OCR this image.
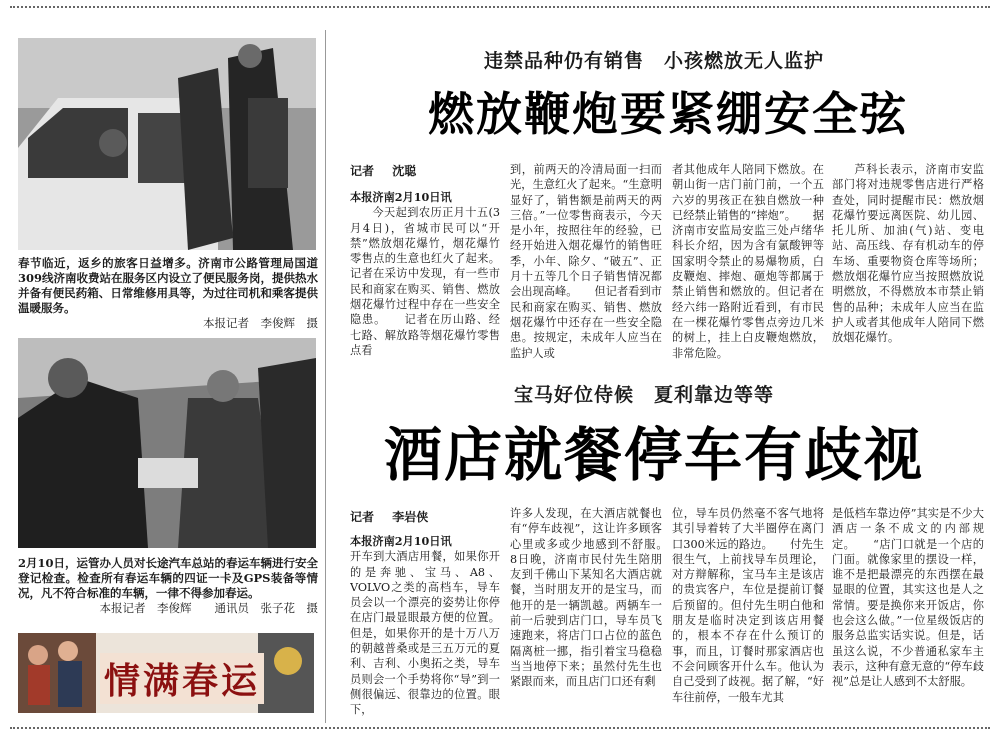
春节临近，返乡的旅客日益增多。济南市公路管理局国道309线济南收费站在服务区内设立了便民服务岗，提供热水并备有便民药箱、日常维修用具等，为过往司机和乘客提供温暖服务。
本报记者　李俊辉　摄
2月10日，运管办人员对长途汽车总站的春运车辆进行安全登记检查。检查所有春运车辆的四证一卡及GPS装备等情况，凡不符合标准的车辆，一律不得参加春运。
本报记者　李俊辉　　通讯员　张子花　摄
情满春运
违禁品种仍有销售　小孩燃放无人监护
燃放鞭炮要紧绷安全弦
记者 沈聪

本报济南2月10日讯

今天起到农历正月十五(3月4日)，省城市民可以“开禁”燃放烟花爆竹，烟花爆竹零售点的生意也红火了起来。记者在采访中发现，有一些市民和商家在购买、销售、燃放烟花爆竹过程中存在一些安全隐患。　　记者在历山路、经七路、解放路等烟花爆竹零售点看

到，前两天的冷清局面一扫而光，生意红火了起来。“生意明显好了，销售额是前两天的两三倍。”一位零售商表示，今天是小年，按照往年的经验，已经开始进入烟花爆竹的销售旺季，小年、除夕、“破五”、正月十五等几个日子销售情况都会出现高峰。　　但记者看到市民和商家在购买、销售、燃放烟花爆竹中还存在一些安全隐患。按规定，未成年人应当在监护人或

者其他成年人陪同下燃放。在朝山街一店门前门前，一个五六岁的男孩正在独自燃放一种已经禁止销售的“摔炮”。　　据济南市安监局安监三处卢绪华科长介绍，因为含有氯酸钾等国家明令禁止的易爆物质，白皮鞭炮、摔炮、砸炮等都属于禁止销售和燃放的。但记者在经六纬一路附近看到，有市民在一棵花爆竹零售点旁边几米的树上，挂上白皮鞭炮燃放，非常危险。

芦科长表示，济南市安监部门将对违规零售店进行严格查处，同时提醒市民：燃放烟花爆竹要远离医院、幼儿园、托儿所、加油(气)站、变电站、高压线、存有机动车的停车场、重要物资仓库等场所；燃放烟花爆竹应当按照燃放说明燃放，不得燃放本市禁止销售的品种；未成年人应当在监护人或者其他成年人陪同下燃放烟花爆竹。

宝马好位侍候　夏利靠边等等
酒店就餐停车有歧视
记者 李岩侠

本报济南2月10日讯

开车到大酒店用餐，如果你开的是奔驰、宝马、A8、VOLVO之类的高档车，导车员会以一个漂亮的姿势让你停在店门最显眼最方便的位置。但是，如果你开的是十万八万的朝越普桑或是三五万元的夏利、吉利、小奥拓之类，导车员则会一个手势将你“导”到一侧很偏远、很靠边的位置。眼下，

许多人发现，在大酒店就餐也有“停车歧视”，这让许多顾客心里或多或少地感到不舒服。　　8日晚，济南市民付先生陪朋友到千佛山下某知名大酒店就餐，当时朋友开的是宝马，而他开的是一辆凯越。两辆车一前一后驶到店门口，导车员飞速跑来，将店门口占位的蓝色隔离桩一挪，指引着宝马稳稳当当地停下来；虽然付先生也紧跟而来，而且店门口还有剩

位，导车员仍然毫不客气地将其引导着转了大半圈停在离门口300米远的路边。　　付先生很生气，上前找导车员理论，对方辩解称，宝马车主是该店的贵宾客户，车位是提前订餐后预留的。但付先生明白他和朋友是临时决定到该店用餐的，根本不存在什么预订的事，而且，订餐时那家酒店也不会问顾客开什么车。他认为自己受到了歧视。据了解，“好车往前停，一般车尤其

是低档车靠边停”其实是不少大酒店一条不成文的内部规定。　　“店门口就是一个店的门面。就像家里的摆设一样，谁不是把最漂亮的东西摆在最显眼的位置，其实这也是人之常情。要是换你来开饭店，你也会这么做。”一位星级饭店的服务总监实话实说。但是，话虽这么说，不少普通私家车主表示，这种有意无意的“停车歧视”总是让人感到不太舒服。
